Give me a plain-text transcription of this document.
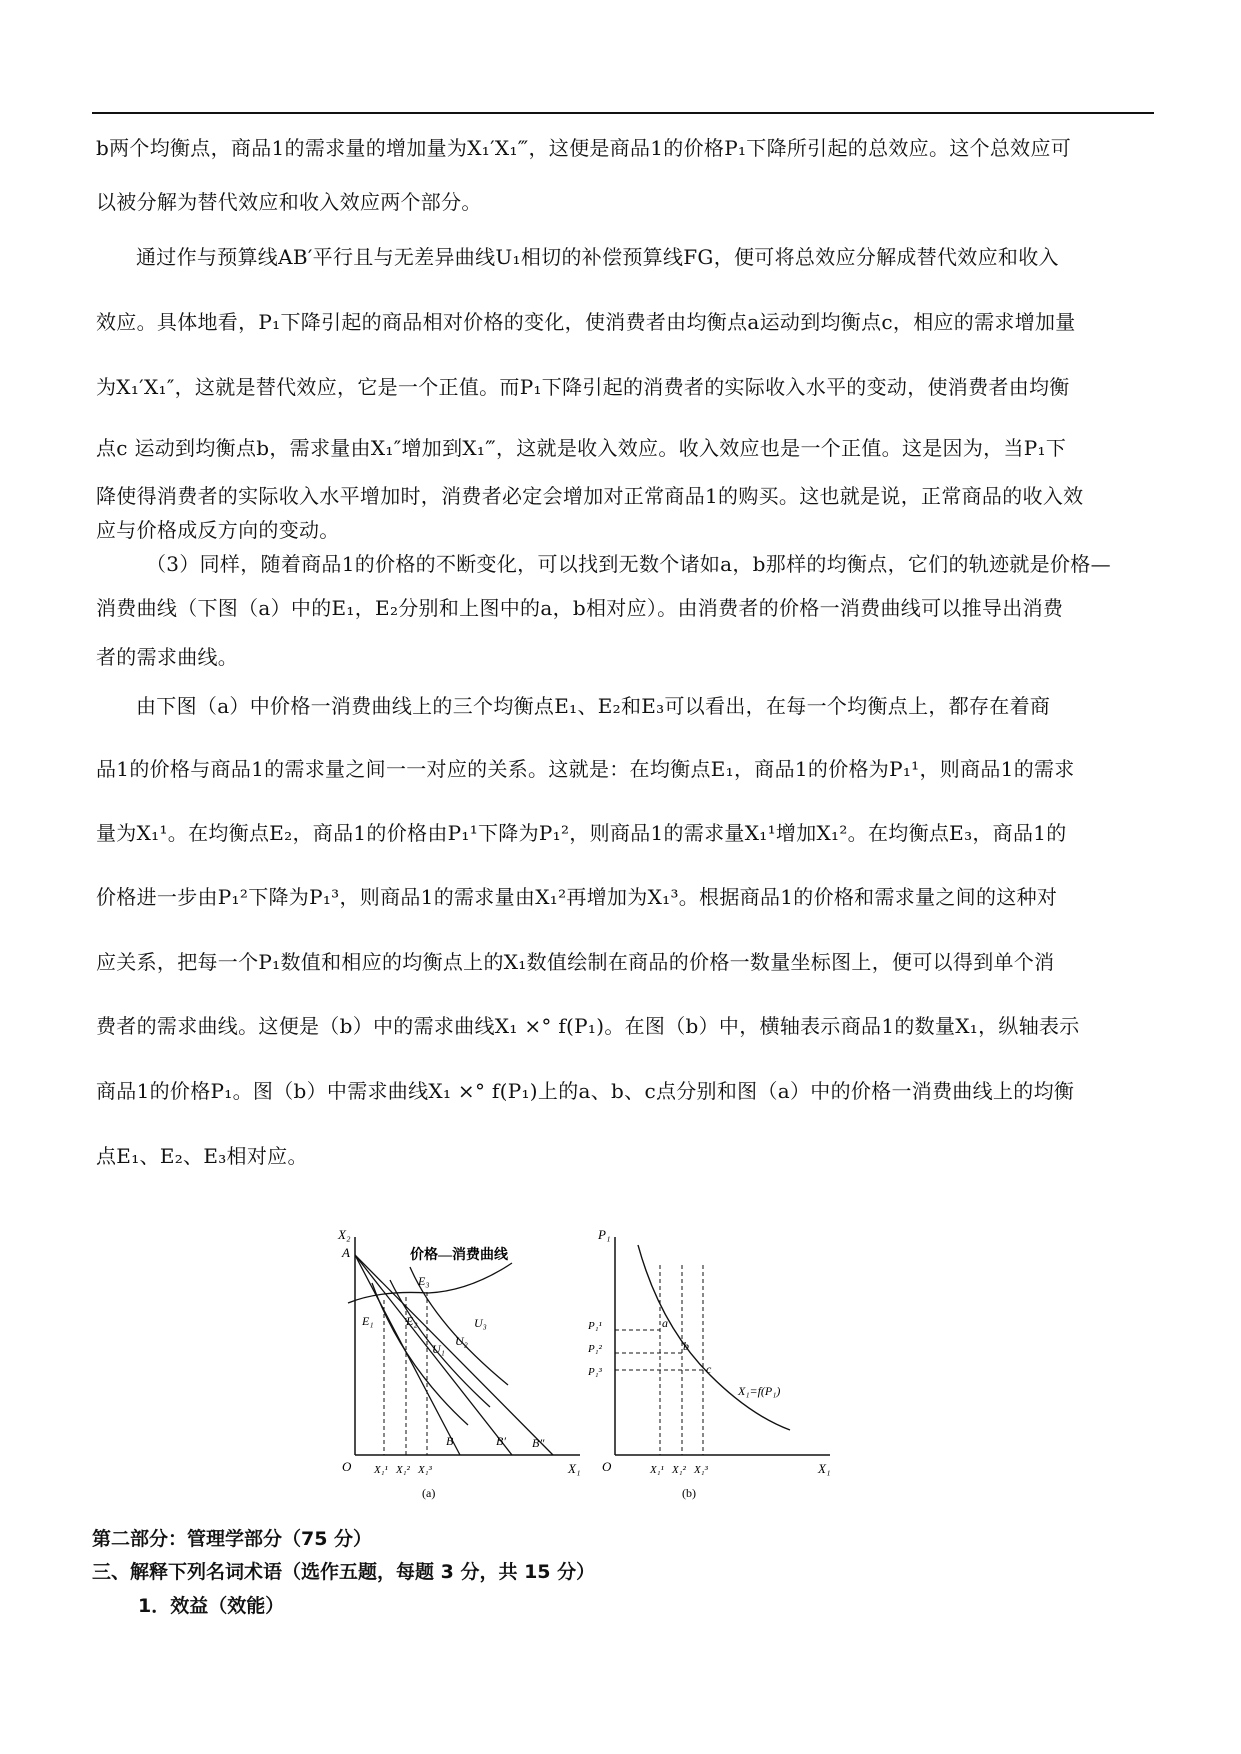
b两个均衡点，商品1的需求量的增加量为X₁′X₁‴，这便是商品1的价格P₁下降所引起的总效应。这个总效应可

以被分解为替代效应和收入效应两个部分。

通过作与预算线AB′平行且与无差异曲线U₁相切的补偿预算线FG，便可将总效应分解成替代效应和收入

效应。具体地看，P₁下降引起的商品相对价格的变化，使消费者由均衡点a运动到均衡点c，相应的需求增加量

为X₁′X₁″，这就是替代效应，它是一个正值。而P₁下降引起的消费者的实际收入水平的变动，使消费者由均衡

点c 运动到均衡点b，需求量由X₁″增加到X₁‴，这就是收入效应。收入效应也是一个正值。这是因为，当P₁下

降使得消费者的实际收入水平增加时，消费者必定会增加对正常商品1的购买。这也就是说，正常商品的收入效

应与价格成反方向的变动。

（3）同样，随着商品1的价格的不断变化，可以找到无数个诸如a，b那样的均衡点，它们的轨迹就是价格—

消费曲线（下图（a）中的E₁，E₂分别和上图中的a，b相对应）。由消费者的价格一消费曲线可以推导出消费

者的需求曲线。

由下图（a）中价格一消费曲线上的三个均衡点E₁、E₂和E₃可以看出，在每一个均衡点上，都存在着商

品1的价格与商品1的需求量之间一一对应的关系。这就是：在均衡点E₁，商品1的价格为P₁¹，则商品1的需求

量为X₁¹。在均衡点E₂，商品1的价格由P₁¹下降为P₁²，则商品1的需求量X₁¹增加X₁²。在均衡点E₃，商品1的

价格进一步由P₁²下降为P₁³，则商品1的需求量由X₁²再增加为X₁³。根据商品1的价格和需求量之间的这种对

应关系，把每一个P₁数值和相应的均衡点上的X₁数值绘制在商品的价格一数量坐标图上，便可以得到单个消

费者的需求曲线。这便是（b）中的需求曲线X₁ ×° f(P₁)。在图（b）中，横轴表示商品1的数量X₁，纵轴表示

商品1的价格P₁。图（b）中需求曲线X₁ ×° f(P₁)上的a、b、c点分别和图（a）中的价格一消费曲线上的均衡

点E₁、E₂、E₃相对应。

X₂
A
O	X₁
E₁	E₂
E₃
U₁
U₂
U₃
B	B′ B″
X₁¹ X₁² X₁³
价格—消费曲线
(a)
P₁
P₁¹
P₁²
P₁³
O	X₁
a
b
c
X₁=f(P₁)
X₁¹ X₁² X₁³
(b)

第二部分：管理学部分（75 分）

三、解释下列名词术语（选作五题，每题 3 分，共 15 分）

1．效益（效能）
